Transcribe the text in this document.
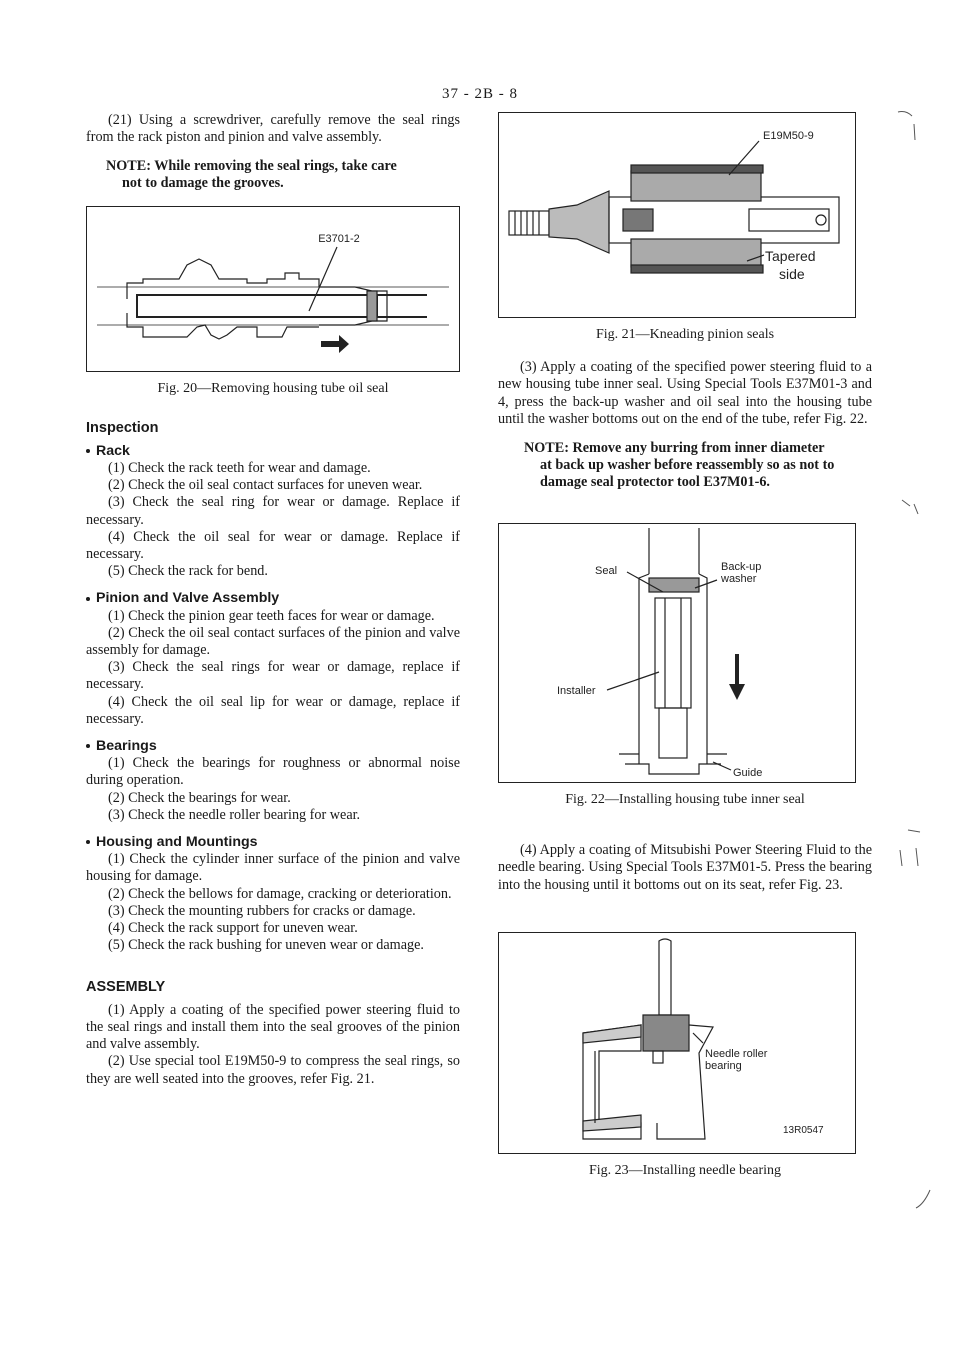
37 - 2B - 8

(21) Using a screwdriver, carefully remove the seal rings from the rack piston and pinion and valve assembly.

NOTE: While removing the seal rings, take care
not to damage the grooves.
E3701-2
Fig. 20—Removing housing tube oil seal
Inspection
Rack

(1) Check the rack teeth for wear and damage.

(2) Check the oil seal contact surfaces for uneven wear.

(3) Check the seal ring for wear or damage. Replace if necessary.

(4) Check the oil seal for wear or damage. Replace if necessary.

(5) Check the rack for bend.

Pinion and Valve Assembly

(1) Check the pinion gear teeth faces for wear or damage.

(2) Check the oil seal contact surfaces of the pinion and valve assembly for damage.

(3) Check the seal rings for wear or damage, replace if necessary.

(4) Check the oil seal lip for wear or damage, replace if necessary.

Bearings

(1) Check the bearings for roughness or abnormal noise during operation.

(2) Check the bearings for wear.

(3) Check the needle roller bearing for wear.

Housing and Mountings

(1) Check the cylinder inner surface of the pinion and valve housing for damage.

(2) Check the bellows for damage, cracking or deterioration.

(3) Check the mounting rubbers for cracks or damage.

(4) Check the rack support for uneven wear.

(5) Check the rack bushing for uneven wear or damage.

ASSEMBLY

(1) Apply a coating of the specified power steering fluid to the seal rings and install them into the seal grooves of the pinion and valve assembly.

(2) Use special tool E19M50-9 to compress the seal rings, so they are well seated into the grooves, refer Fig. 21.

E19M50-9
Tapered
side
Fig. 21—Kneading pinion seals

(3) Apply a coating of the specified power steering fluid to a new housing tube inner seal. Using Special Tools E37M01-3 and 4, press the back-up washer and oil seal into the housing tube until the washer bottoms out on the end of the tube, refer Fig. 22.

NOTE: Remove any burring from inner diameter
at back up washer before reassembly so as not to damage seal protector tool E37M01-6.
Seal	Back-up
washer
Installer
Guide
Fig. 22—Installing housing tube inner seal

(4) Apply a coating of Mitsubishi Power Steering Fluid to the needle bearing. Using Special Tools E37M01-5. Press the bearing into the housing until it bottoms out on its seat, refer Fig. 23.

Needle roller
bearing
13R0547
Fig. 23—Installing needle bearing
